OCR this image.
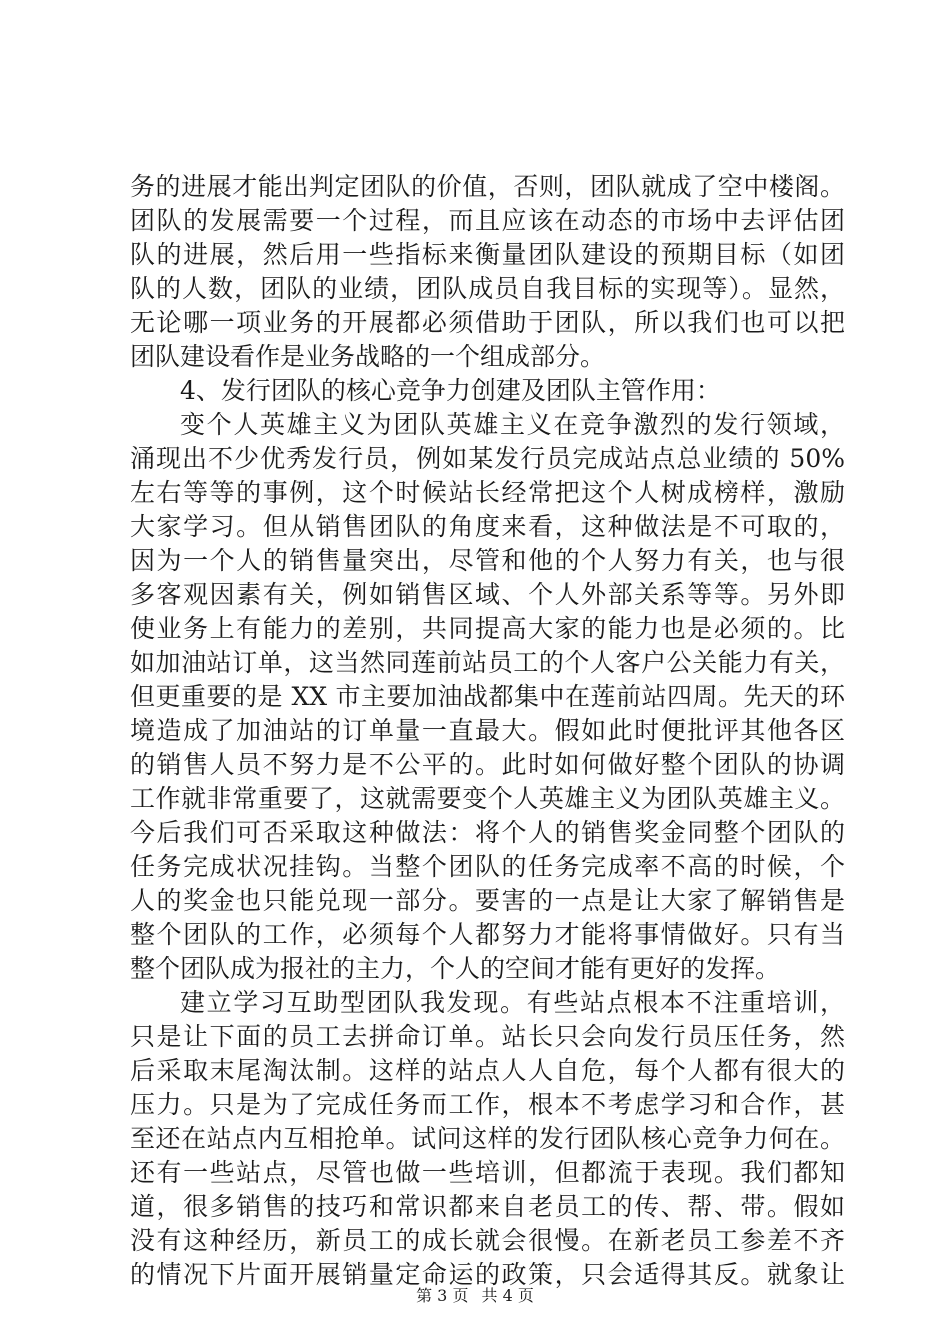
务的进展才能出判定团队的价值，否则，团队就成了空中楼阁。
团队的发展需要一个过程，而且应该在动态的市场中去评估团
队的进展，然后用一些指标来衡量团队建设的预期目标（如团
队的人数，团队的业绩，团队成员自我目标的实现等）。显然，
无论哪一项业务的开展都必须借助于团队，所以我们也可以把
团队建设看作是业务战略的一个组成部分。
4、发行团队的核心竞争力创建及团队主管作用：
变个人英雄主义为团队英雄主义在竞争激烈的发行领域，
涌现出不少优秀发行员，例如某发行员完成站点总业绩的 50%
左右等等的事例，这个时候站长经常把这个人树成榜样，激励
大家学习。但从销售团队的角度来看，这种做法是不可取的，
因为一个人的销售量突出，尽管和他的个人努力有关，也与很
多客观因素有关，例如销售区域、个人外部关系等等。另外即
使业务上有能力的差别，共同提高大家的能力也是必须的。比
如加油站订单，这当然同莲前站员工的个人客户公关能力有关，
但更重要的是 XX 市主要加油战都集中在莲前站四周。先天的环
境造成了加油站的订单量一直最大。假如此时便批评其他各区
的销售人员不努力是不公平的。此时如何做好整个团队的协调
工作就非常重要了，这就需要变个人英雄主义为团队英雄主义。
今后我们可否采取这种做法：将个人的销售奖金同整个团队的
任务完成状况挂钩。当整个团队的任务完成率不高的时候，个
人的奖金也只能兑现一部分。要害的一点是让大家了解销售是
整个团队的工作，必须每个人都努力才能将事情做好。只有当
整个团队成为报社的主力，个人的空间才能有更好的发挥。
建立学习互助型团队我发现。有些站点根本不注重培训，
只是让下面的员工去拼命订单。站长只会向发行员压任务，然
后采取末尾淘汰制。这样的站点人人自危，每个人都有很大的
压力。只是为了完成任务而工作，根本不考虑学习和合作，甚
至还在站点内互相抢单。试问这样的发行团队核心竞争力何在。
还有一些站点，尽管也做一些培训，但都流于表现。我们都知
道，很多销售的技巧和常识都来自老员工的传、帮、带。假如
没有这种经历，新员工的成长就会很慢。在新老员工参差不齐
的情况下片面开展销量定命运的政策，只会适得其反。就象让
第 3 页 共 4 页
